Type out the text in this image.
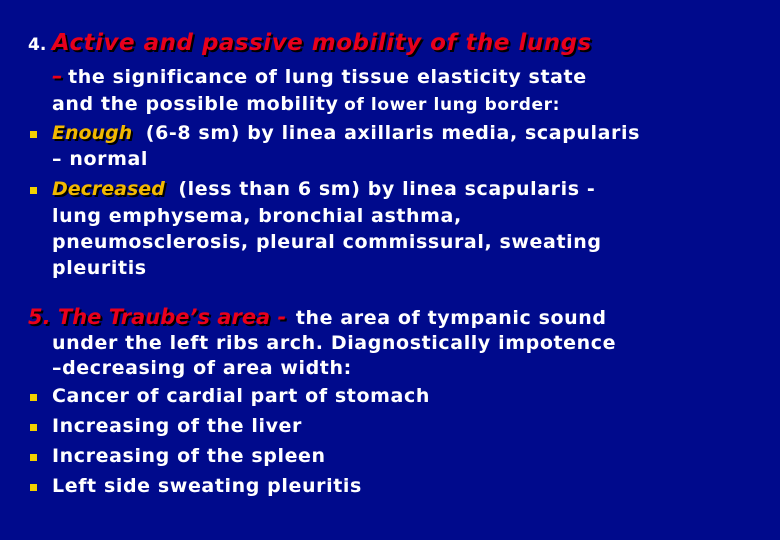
4. Active and passive mobility of the lungs
– the significance of lung tissue elasticity state
and the possible mobility of lower lung border:
Enough (6-8 sm) by linea axillaris media, scapularis
– normal
Decreased (less than 6 sm) by linea scapularis -
lung emphysema, bronchial asthma,
pneumosclerosis, pleural commissural, sweating
pleuritis
5. The Traube’s area - the area of tympanic sound
under the left ribs arch. Diagnostically impotence
–decreasing of area width:
Cancer of cardial part of stomach
Increasing of the liver
Increasing of the spleen
Left side sweating pleuritis
